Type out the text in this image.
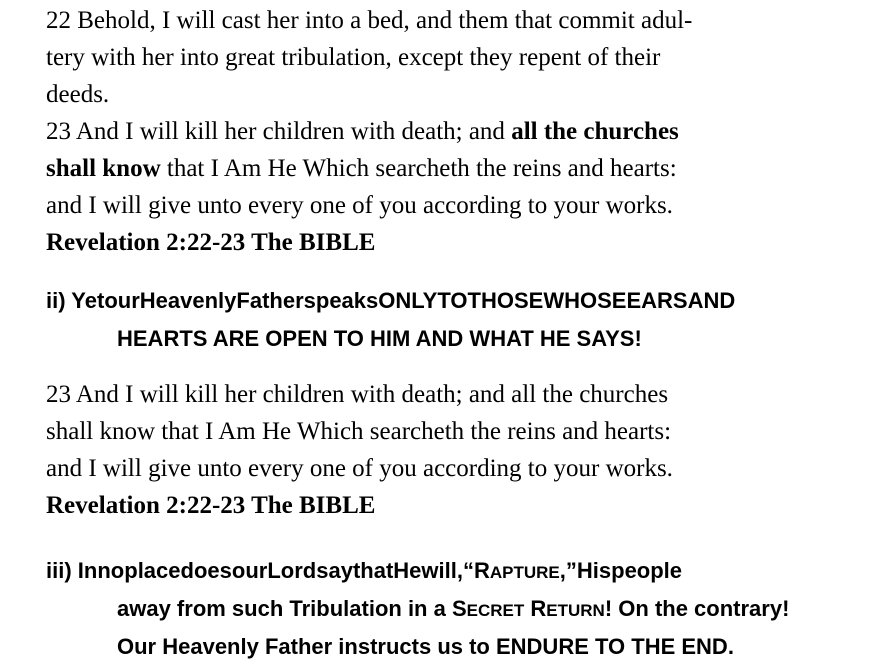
22 Behold, I will cast her into a bed, and them that commit adul-
tery with her into great tribulation, except they repent of their
deeds.
23 And I will kill her children with death; and all the churches
shall know that I Am He Which searcheth the reins and hearts:
and I will give unto every one of you according to your works.
Revelation 2:22-23 The BIBLE
ii) YetourHeavenlyFatherspeaksONLYTOTHOSEWHOSEEARSAND
HEARTS ARE OPEN TO HIM AND WHAT HE SAYS!
23 And I will kill her children with death; and all the churches
shall know that I Am He Which searcheth the reins and hearts:
and I will give unto every one of you according to your works.
Revelation 2:22-23 The BIBLE
iii) InnoplacedoesourLordsaythatHewill,“RAPTURE,”Hispeople
away from such Tribulation in a SECRET RETURN! On the contrary!
Our Heavenly Father instructs us to ENDURE TO THE END.
